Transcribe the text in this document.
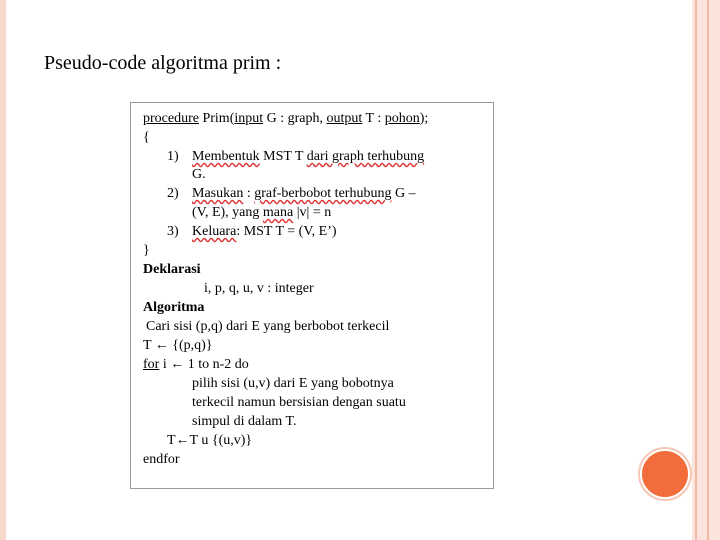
Pseudo-code algoritma prim :
procedure Prim(input G : graph, output T : pohon);
{
1) Membentuk MST T dari graph terhubung
G.
2) Masukan : graf-berbobot terhubung G –
(V, E), yang mana |v| = n
3) Keluara: MST T = (V, E’)
}
Deklarasi
i, p, q, u, v : integer
Algoritma
Cari sisi (p,q) dari E yang berbobot terkecil
T ← {(p,q)}
for i ← 1 to n-2 do
pilih sisi (u,v) dari E yang bobotnya
terkecil namun bersisian dengan suatu
simpul di dalam T.
T←T u {(u,v)}
endfor
